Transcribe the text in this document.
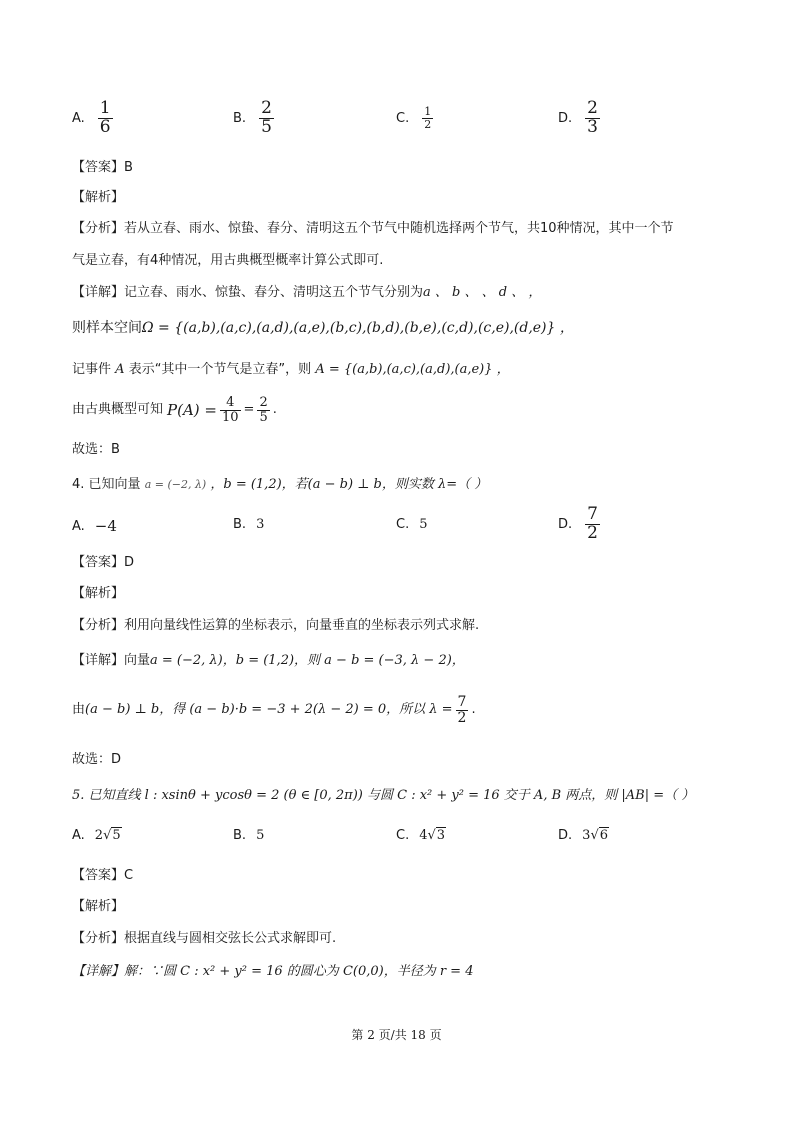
A. $\frac{1}{6}$	B. $\frac{2}{5}$	C. $\frac{1}{2}$	D. $\frac{2}{3}$
【答案】B
【解析】
【分析】若从立春、雨水、惊蛰、春分、清明这五个节气中随机选择两个节气，共10种情况，其中一个节
气是立春，有4种情况，用古典概型概率计算公式即可.
【详解】记立春、雨水、惊蛰、春分、清明这五个节气分别为a 、 b 、 、 d 、 ，
则样本空间Ω = {(a,b),(a,c),(a,d),(a,e),(b,c),(b,d),(b,e),(c,d),(c,e),(d,e)} ，
记事件 A 表示“其中一个节气是立春”，则 A = {(a,b),(a,c),(a,d),(a,e)} ，
由古典概型可知 $P(A) = \frac{4}{10} = \frac{2}{5}$ .
故选：B
4. 已知向量 a = (−2, λ) ，b = (1,2)，若(a − b) ⊥ b，则实数 λ=（ ）
A. −4	B. 3	C. 5	D. $\frac{7}{2}$
【答案】D
【解析】
【分析】利用向量线性运算的坐标表示，向量垂直的坐标表示列式求解.
【详解】向量a = (−2, λ)，b = (1,2)，则 a − b = (−3, λ − 2)，
由 (a − b) ⊥ b，得 (a − b)·b = −3 + 2(λ − 2) = 0，所以 $\lambda = \frac{7}{2}$ .
故选：D
5. 已知直线 l : xsinθ + ycosθ = 2 (θ ∈ [0, 2π)) 与圆 C : x² + y² = 16 交于 A, B 两点，则 |AB| =（ ）
A. 2√5	B. 5	C. 4√3	D. 3√6
【答案】C
【解析】
【分析】根据直线与圆相交弦长公式求解即可.
【详解】解：∵圆 C : x² + y² = 16 的圆心为 C(0,0)，半径为 r = 4
第 2 页/共 18 页
